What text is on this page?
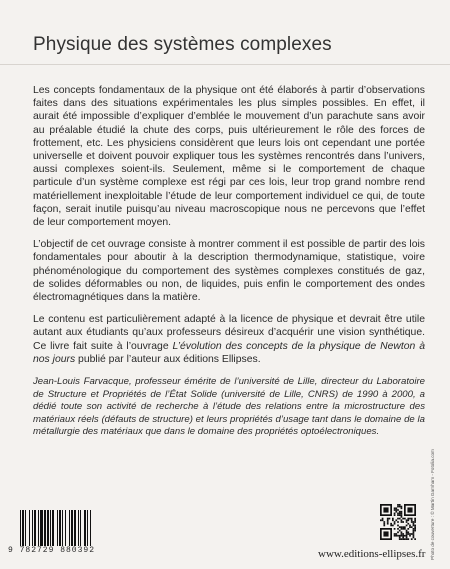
Physique des systèmes complexes

Les concepts fondamentaux de la physique ont été élaborés à partir d’observations faites dans des situations expérimentales les plus simples possibles. En effet, il aurait été impossible d’expliquer d’emblée le mouvement d’un parachute sans avoir au préalable étudié la chute des corps, puis ultérieurement le rôle des forces de frottement, etc. Les physiciens considèrent que leurs lois ont cependant une portée universelle et doivent pouvoir expliquer tous les systèmes rencontrés dans l’univers, aussi complexes soient-ils. Seulement, même si le comportement de chaque particule d’un système complexe est régi par ces lois, leur trop grand nombre rend matériellement inexploitable l’étude de leur comportement individuel ce qui, de toute façon, serait inutile puisqu’au niveau macroscopique nous ne percevons que l’effet de leur comportement moyen.

L’objectif de cet ouvrage consiste à montrer comment il est possible de partir des lois fondamentales pour aboutir à la description thermodynamique, statistique, voire phénoménologique du comportement des systèmes complexes constitués de gaz, de solides déformables ou non, de liquides, puis enfin le comportement des ondes électromagnétiques dans la matière.

Le contenu est particulièrement adapté à la licence de physique et devrait être utile autant aux étudiants qu’aux professeurs désireux d’acquérir une vision synthétique. Ce livre fait suite à l’ouvrage L’évolution des concepts de la physique de Newton à nos jours publié par l’auteur aux éditions Ellipses.

Jean-Louis Farvacque, professeur émérite de l’université de Lille, directeur du Laboratoire de Structure et Propriétés de l’État Solide (université de Lille, CNRS) de 1990 à 2000, a dédié toute son activité de recherche à l’étude des relations entre la microstructure des matériaux réels (défauts de structure) et leurs propriétés d’usage tant dans le domaine de la métallurgie des matériaux que dans le domaine des propriétés optoélectroniques.

Photo de couverture : © Martin Garnham - Fotolia.com
9 782729 880392	www.editions-ellipses.fr
